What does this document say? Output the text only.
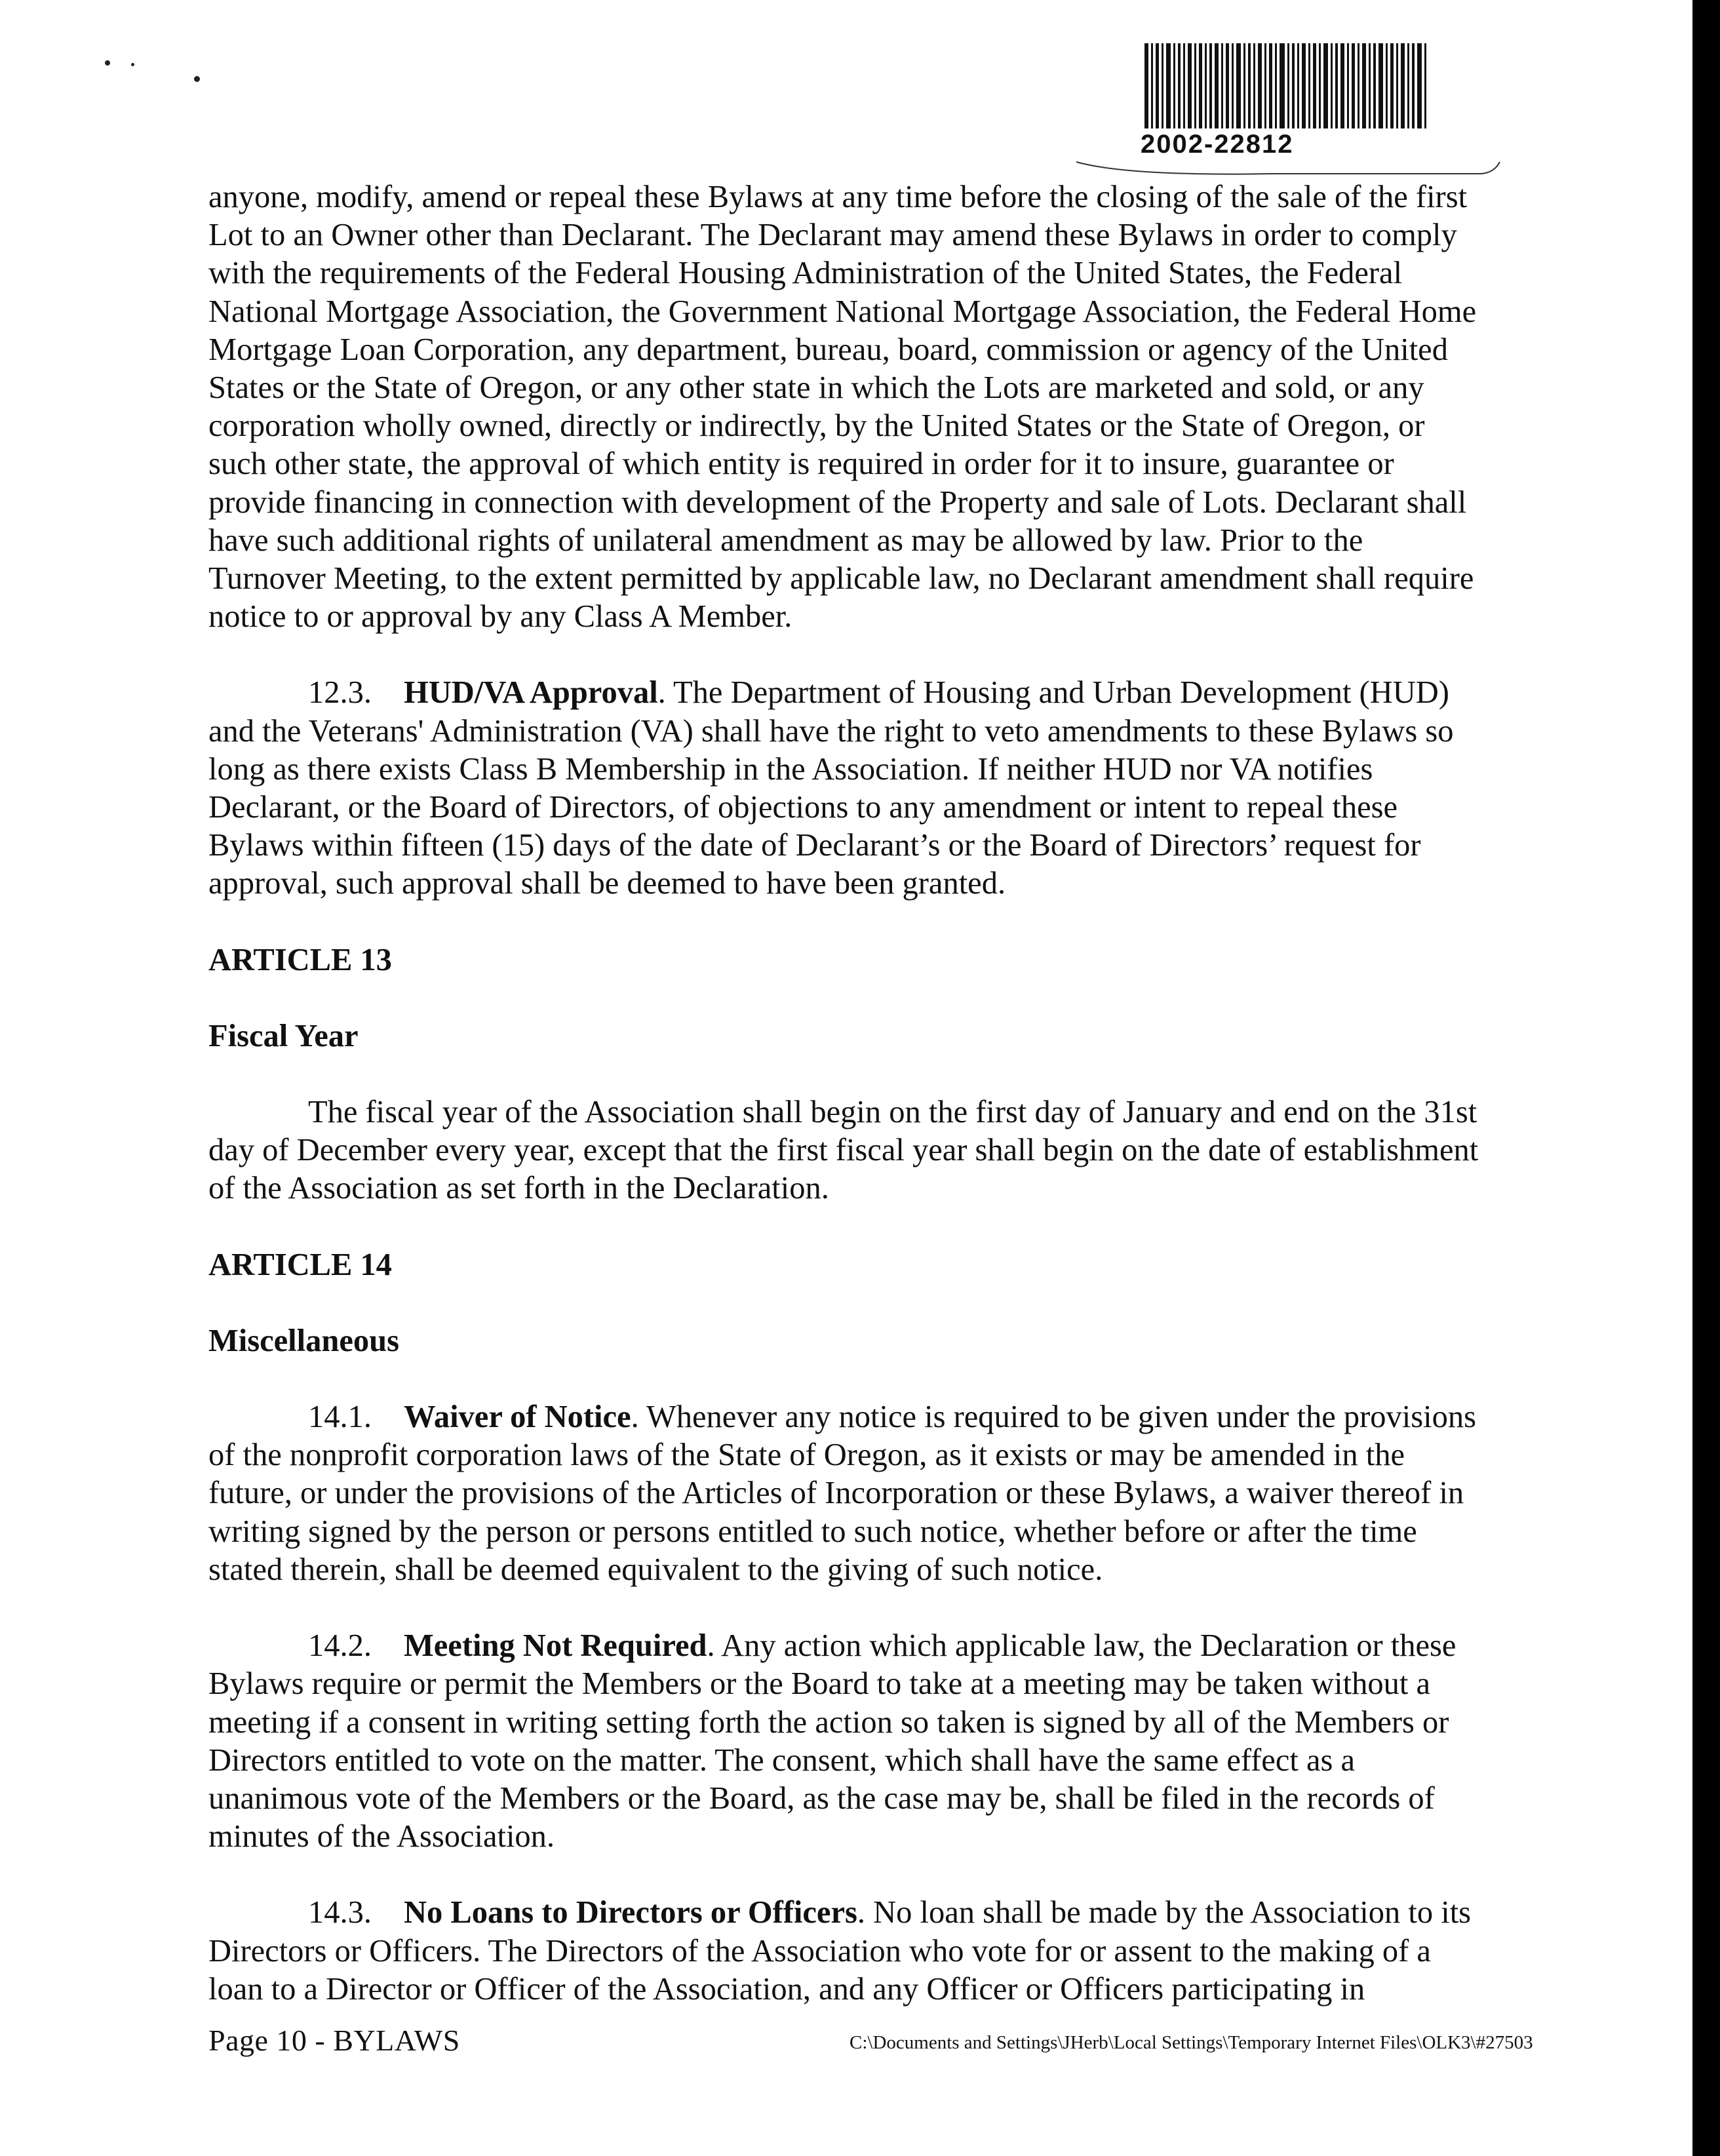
2002-22812

anyone, modify, amend or repeal these Bylaws at any time before the closing of the sale of the first Lot to an Owner other than Declarant. The Declarant may amend these Bylaws in order to comply with the requirements of the Federal Housing Administration of the United States, the Federal National Mortgage Association, the Government National Mortgage Association, the Federal Home Mortgage Loan Corporation, any department, bureau, board, commission or agency of the United States or the State of Oregon, or any other state in which the Lots are marketed and sold, or any corporation wholly owned, directly or indirectly, by the United States or the State of Oregon, or such other state, the approval of which entity is required in order for it to insure, guarantee or provide financing in connection with development of the Property and sale of Lots. Declarant shall have such additional rights of unilateral amendment as may be allowed by law. Prior to the Turnover Meeting, to the extent permitted by applicable law, no Declarant amendment shall require notice to or approval by any Class A Member.

12.3. HUD/VA Approval. The Department of Housing and Urban Development (HUD) and the Veterans' Administration (VA) shall have the right to veto amendments to these Bylaws so long as there exists Class B Membership in the Association. If neither HUD nor VA notifies Declarant, or the Board of Directors, of objections to any amendment or intent to repeal these Bylaws within fifteen (15) days of the date of Declarant’s or the Board of Directors’ request for approval, such approval shall be deemed to have been granted.

ARTICLE 13

Fiscal Year

The fiscal year of the Association shall begin on the first day of January and end on the 31st day of December every year, except that the first fiscal year shall begin on the date of establishment of the Association as set forth in the Declaration.

ARTICLE 14

Miscellaneous

14.1. Waiver of Notice. Whenever any notice is required to be given under the provisions of the nonprofit corporation laws of the State of Oregon, as it exists or may be amended in the future, or under the provisions of the Articles of Incorporation or these Bylaws, a waiver thereof in writing signed by the person or persons entitled to such notice, whether before or after the time stated therein, shall be deemed equivalent to the giving of such notice.

14.2. Meeting Not Required. Any action which applicable law, the Declaration or these Bylaws require or permit the Members or the Board to take at a meeting may be taken without a meeting if a consent in writing setting forth the action so taken is signed by all of the Members or Directors entitled to vote on the matter. The consent, which shall have the same effect as a unanimous vote of the Members or the Board, as the case may be, shall be filed in the records of minutes of the Association.

14.3. No Loans to Directors or Officers. No loan shall be made by the Association to its Directors or Officers. The Directors of the Association who vote for or assent to the making of a loan to a Director or Officer of the Association, and any Officer or Officers participating in

Page 10 - BYLAWS	C:\Documents and Settings\JHerb\Local Settings\Temporary Internet Files\OLK3\#27503
